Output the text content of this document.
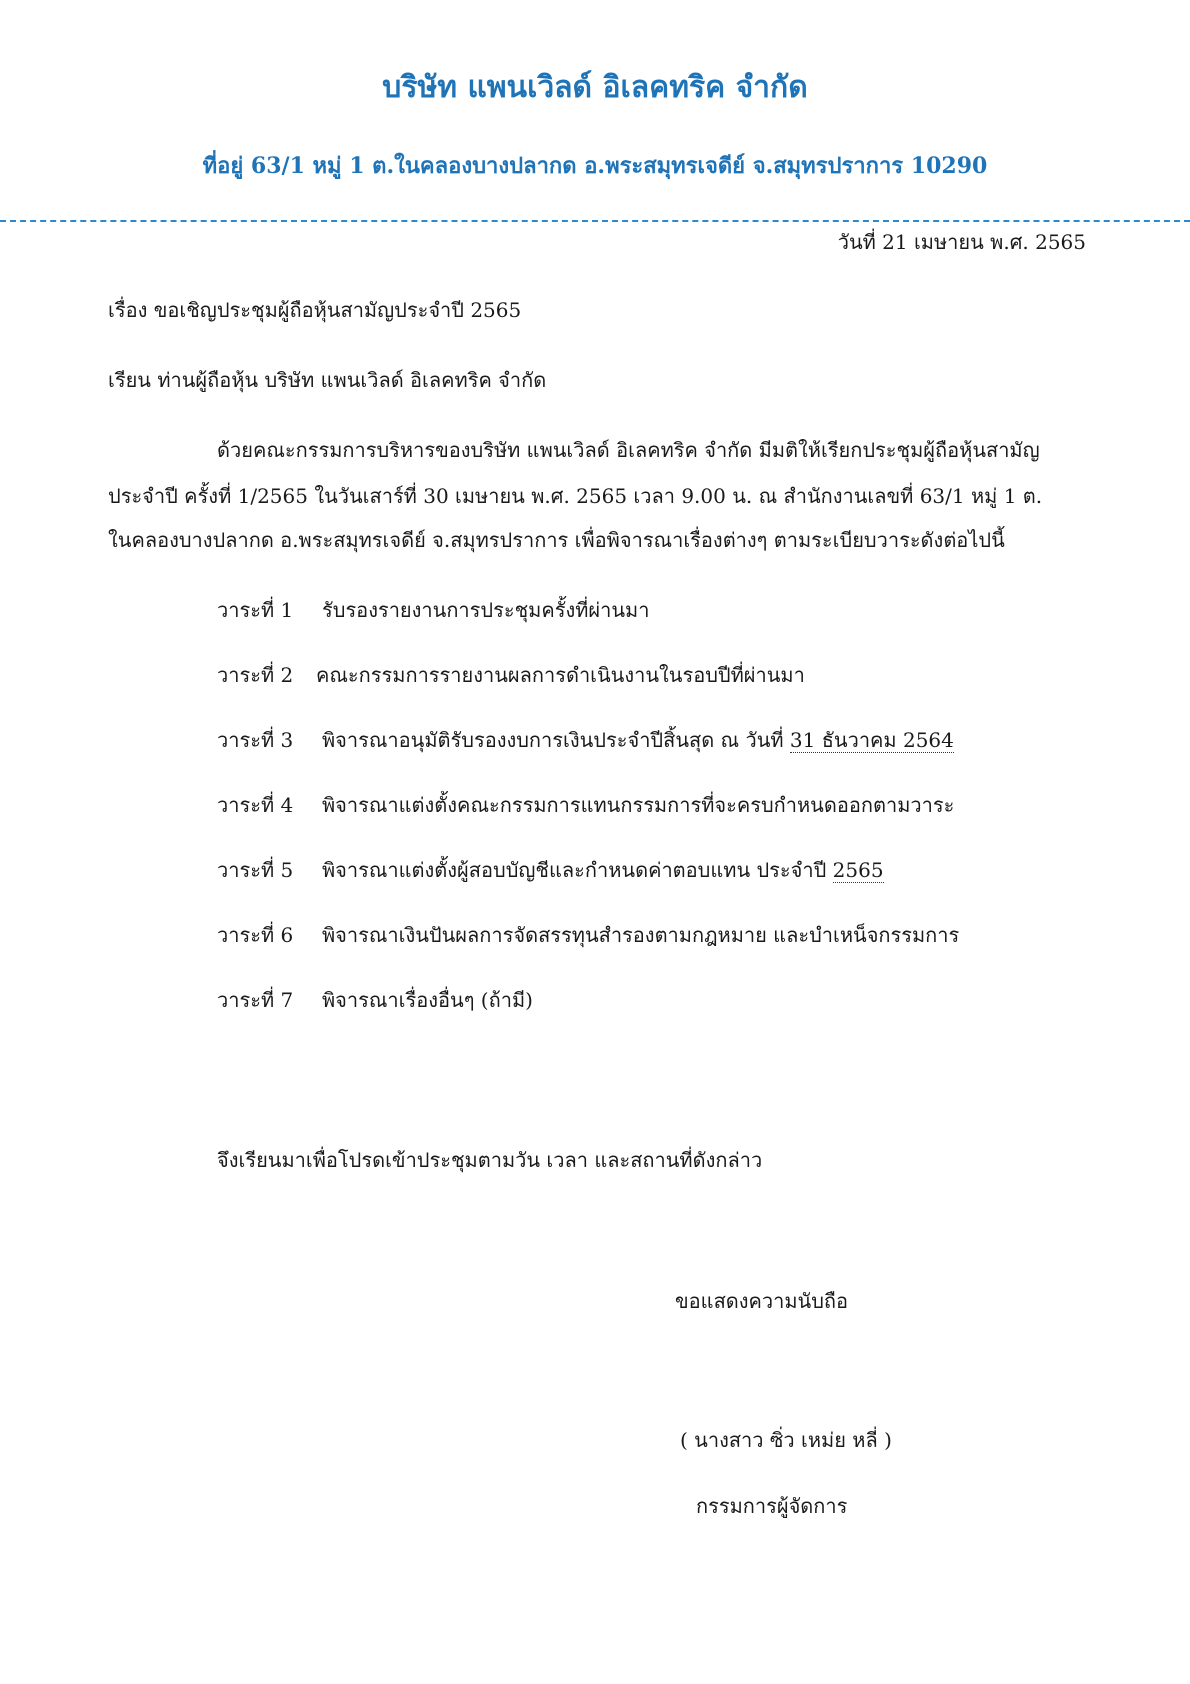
บริษัท แพนเวิลด์ อิเลคทริค จำกัด
ที่อยู่ 63/1 หมู่ 1 ต.ในคลองบางปลากด อ.พระสมุทรเจดีย์ จ.สมุทรปราการ 10290
วันที่ 21 เมษายน พ.ศ. 2565
เรื่อง ขอเชิญประชุมผู้ถือหุ้นสามัญประจำปี 2565
เรียน ท่านผู้ถือหุ้น บริษัท แพนเวิลด์ อิเลคทริค จำกัด
ด้วยคณะกรรมการบริหารของบริษัท แพนเวิลด์ อิเลคทริค จำกัด มีมติให้เรียกประชุมผู้ถือหุ้นสามัญ
ประจำปี ครั้งที่ 1/2565 ในวันเสาร์ที่ 30 เมษายน พ.ศ. 2565 เวลา 9.00 น. ณ สำนักงานเลขที่ 63/1 หมู่ 1 ต.
ในคลองบางปลากด อ.พระสมุทรเจดีย์ จ.สมุทรปราการ เพื่อพิจารณาเรื่องต่างๆ ตามระเบียบวาระดังต่อไปนี้
วาระที่ 1 รับรองรายงานการประชุมครั้งที่ผ่านมา
วาระที่ 2 คณะกรรมการรายงานผลการดำเนินงานในรอบปีที่ผ่านมา
วาระที่ 3 พิจารณาอนุมัติรับรองงบการเงินประจำปีสิ้นสุด ณ วันที่ 31 ธันวาคม 2564
วาระที่ 4 พิจารณาแต่งตั้งคณะกรรมการแทนกรรมการที่จะครบกำหนดออกตามวาระ
วาระที่ 5 พิจารณาแต่งตั้งผู้สอบบัญชีและกำหนดค่าตอบแทน ประจำปี 2565
วาระที่ 6 พิจารณาเงินปันผลการจัดสรรทุนสำรองตามกฎหมาย และบำเหน็จกรรมการ
วาระที่ 7 พิจารณาเรื่องอื่นๆ (ถ้ามี)
จึงเรียนมาเพื่อโปรดเข้าประชุมตามวัน เวลา และสถานที่ดังกล่าว
ขอแสดงความนับถือ
( นางสาว ซิ่ว เหม่ย หลี่ )
กรรมการผู้จัดการ
